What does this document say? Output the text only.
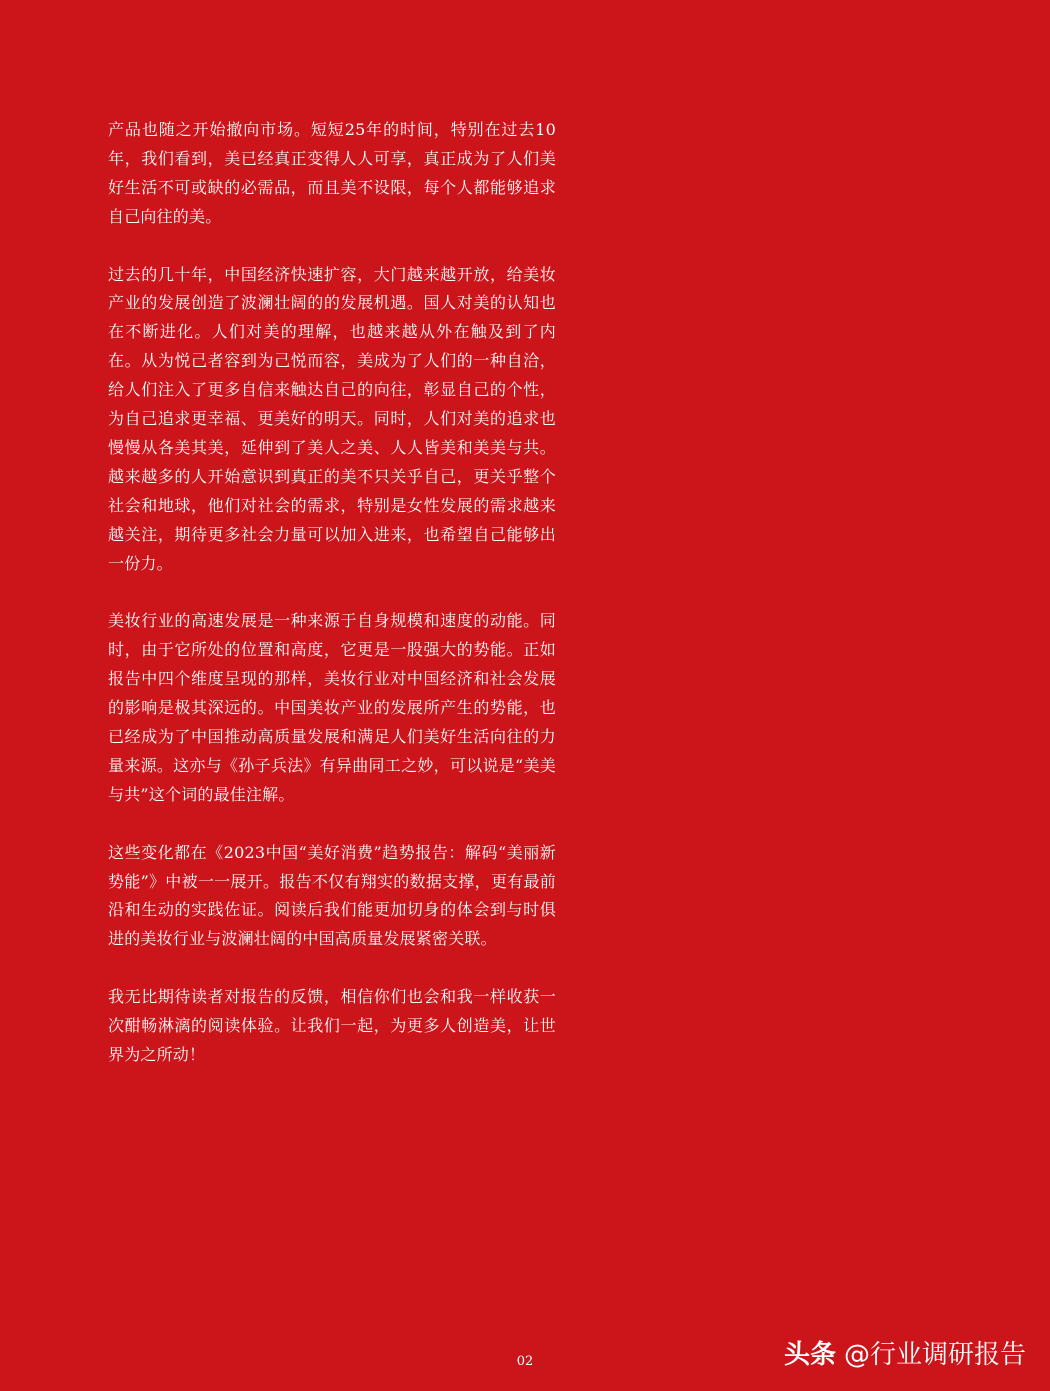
产品也随之开始撤向市场。短短25年的时间，特别在过去10年，我们看到，美已经真正变得人人可享，真正成为了人们美好生活不可或缺的必需品，而且美不设限，每个人都能够追求自己向往的美。

过去的几十年，中国经济快速扩容，大门越来越开放，给美妆产业的发展创造了波澜壮阔的的发展机遇。国人对美的认知也在不断进化。人们对美的理解，也越来越从外在触及到了内在。从为悦己者容到为己悦而容，美成为了人们的一种自洽，给人们注入了更多自信来触达自己的向往，彰显自己的个性，为自己追求更幸福、更美好的明天。同时，人们对美的追求也慢慢从各美其美，延伸到了美人之美、人人皆美和美美与共。越来越多的人开始意识到真正的美不只关乎自己，更关乎整个社会和地球，他们对社会的需求，特别是女性发展的需求越来越关注，期待更多社会力量可以加入进来，也希望自己能够出一份力。

美妆行业的高速发展是一种来源于自身规模和速度的动能。同时，由于它所处的位置和高度，它更是一股强大的势能。正如报告中四个维度呈现的那样，美妆行业对中国经济和社会发展的影响是极其深远的。中国美妆产业的发展所产生的势能，也已经成为了中国推动高质量发展和满足人们美好生活向往的力量来源。这亦与《孙子兵法》有异曲同工之妙，可以说是“美美与共”这个词的最佳注解。

这些变化都在《2023中国“美好消费”趋势报告：解码“美丽新势能”》中被一一展开。报告不仅有翔实的数据支撑，更有最前沿和生动的实践佐证。阅读后我们能更加切身的体会到与时俱进的美妆行业与波澜壮阔的中国高质量发展紧密关联。

我无比期待读者对报告的反馈，相信你们也会和我一样收获一次酣畅淋漓的阅读体验。让我们一起，为更多人创造美，让世界为之所动！

02	头条 @行业调研报告
